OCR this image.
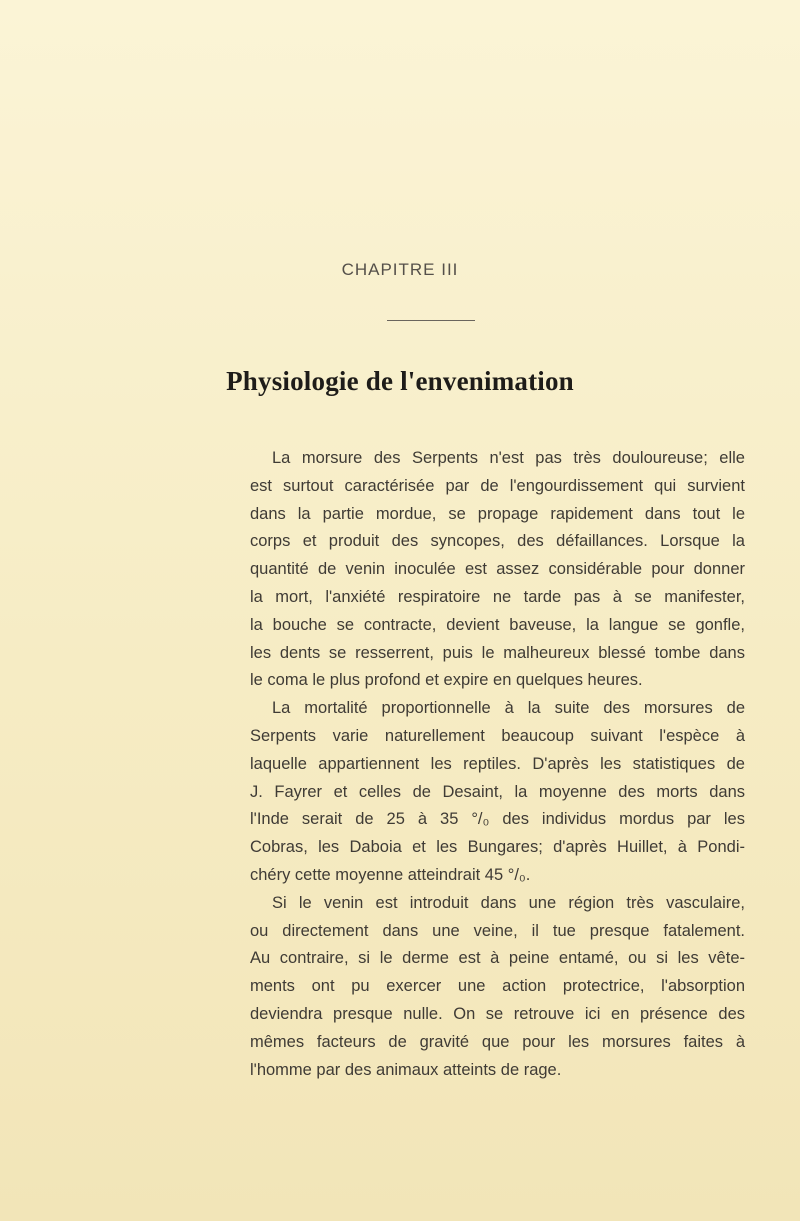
CHAPITRE III
Physiologie de l'envenimation
La morsure des Serpents n'est pas très douloureuse; elle
est surtout caractérisée par de l'engourdissement qui survient
dans la partie mordue, se propage rapidement dans tout le
corps et produit des syncopes, des défaillances. Lorsque la
quantité de venin inoculée est assez considérable pour donner
la mort, l'anxiété respiratoire ne tarde pas à se manifester,
la bouche se contracte, devient baveuse, la langue se gonfle,
les dents se resserrent, puis le malheureux blessé tombe dans
le coma le plus profond et expire en quelques heures.
La mortalité proportionnelle à la suite des morsures de
Serpents varie naturellement beaucoup suivant l'espèce à
laquelle appartiennent les reptiles. D'après les statistiques de
J. Fayrer et celles de Desaint, la moyenne des morts dans
l'Inde serait de 25 à 35 °/₀ des individus mordus par les
Cobras, les Daboia et les Bungares; d'après Huillet, à Pondi-
chéry cette moyenne atteindrait 45 °/₀.
Si le venin est introduit dans une région très vasculaire,
ou directement dans une veine, il tue presque fatalement.
Au contraire, si le derme est à peine entamé, ou si les vête-
ments ont pu exercer une action protectrice, l'absorption
deviendra presque nulle. On se retrouve ici en présence des
mêmes facteurs de gravité que pour les morsures faites à
l'homme par des animaux atteints de rage.
